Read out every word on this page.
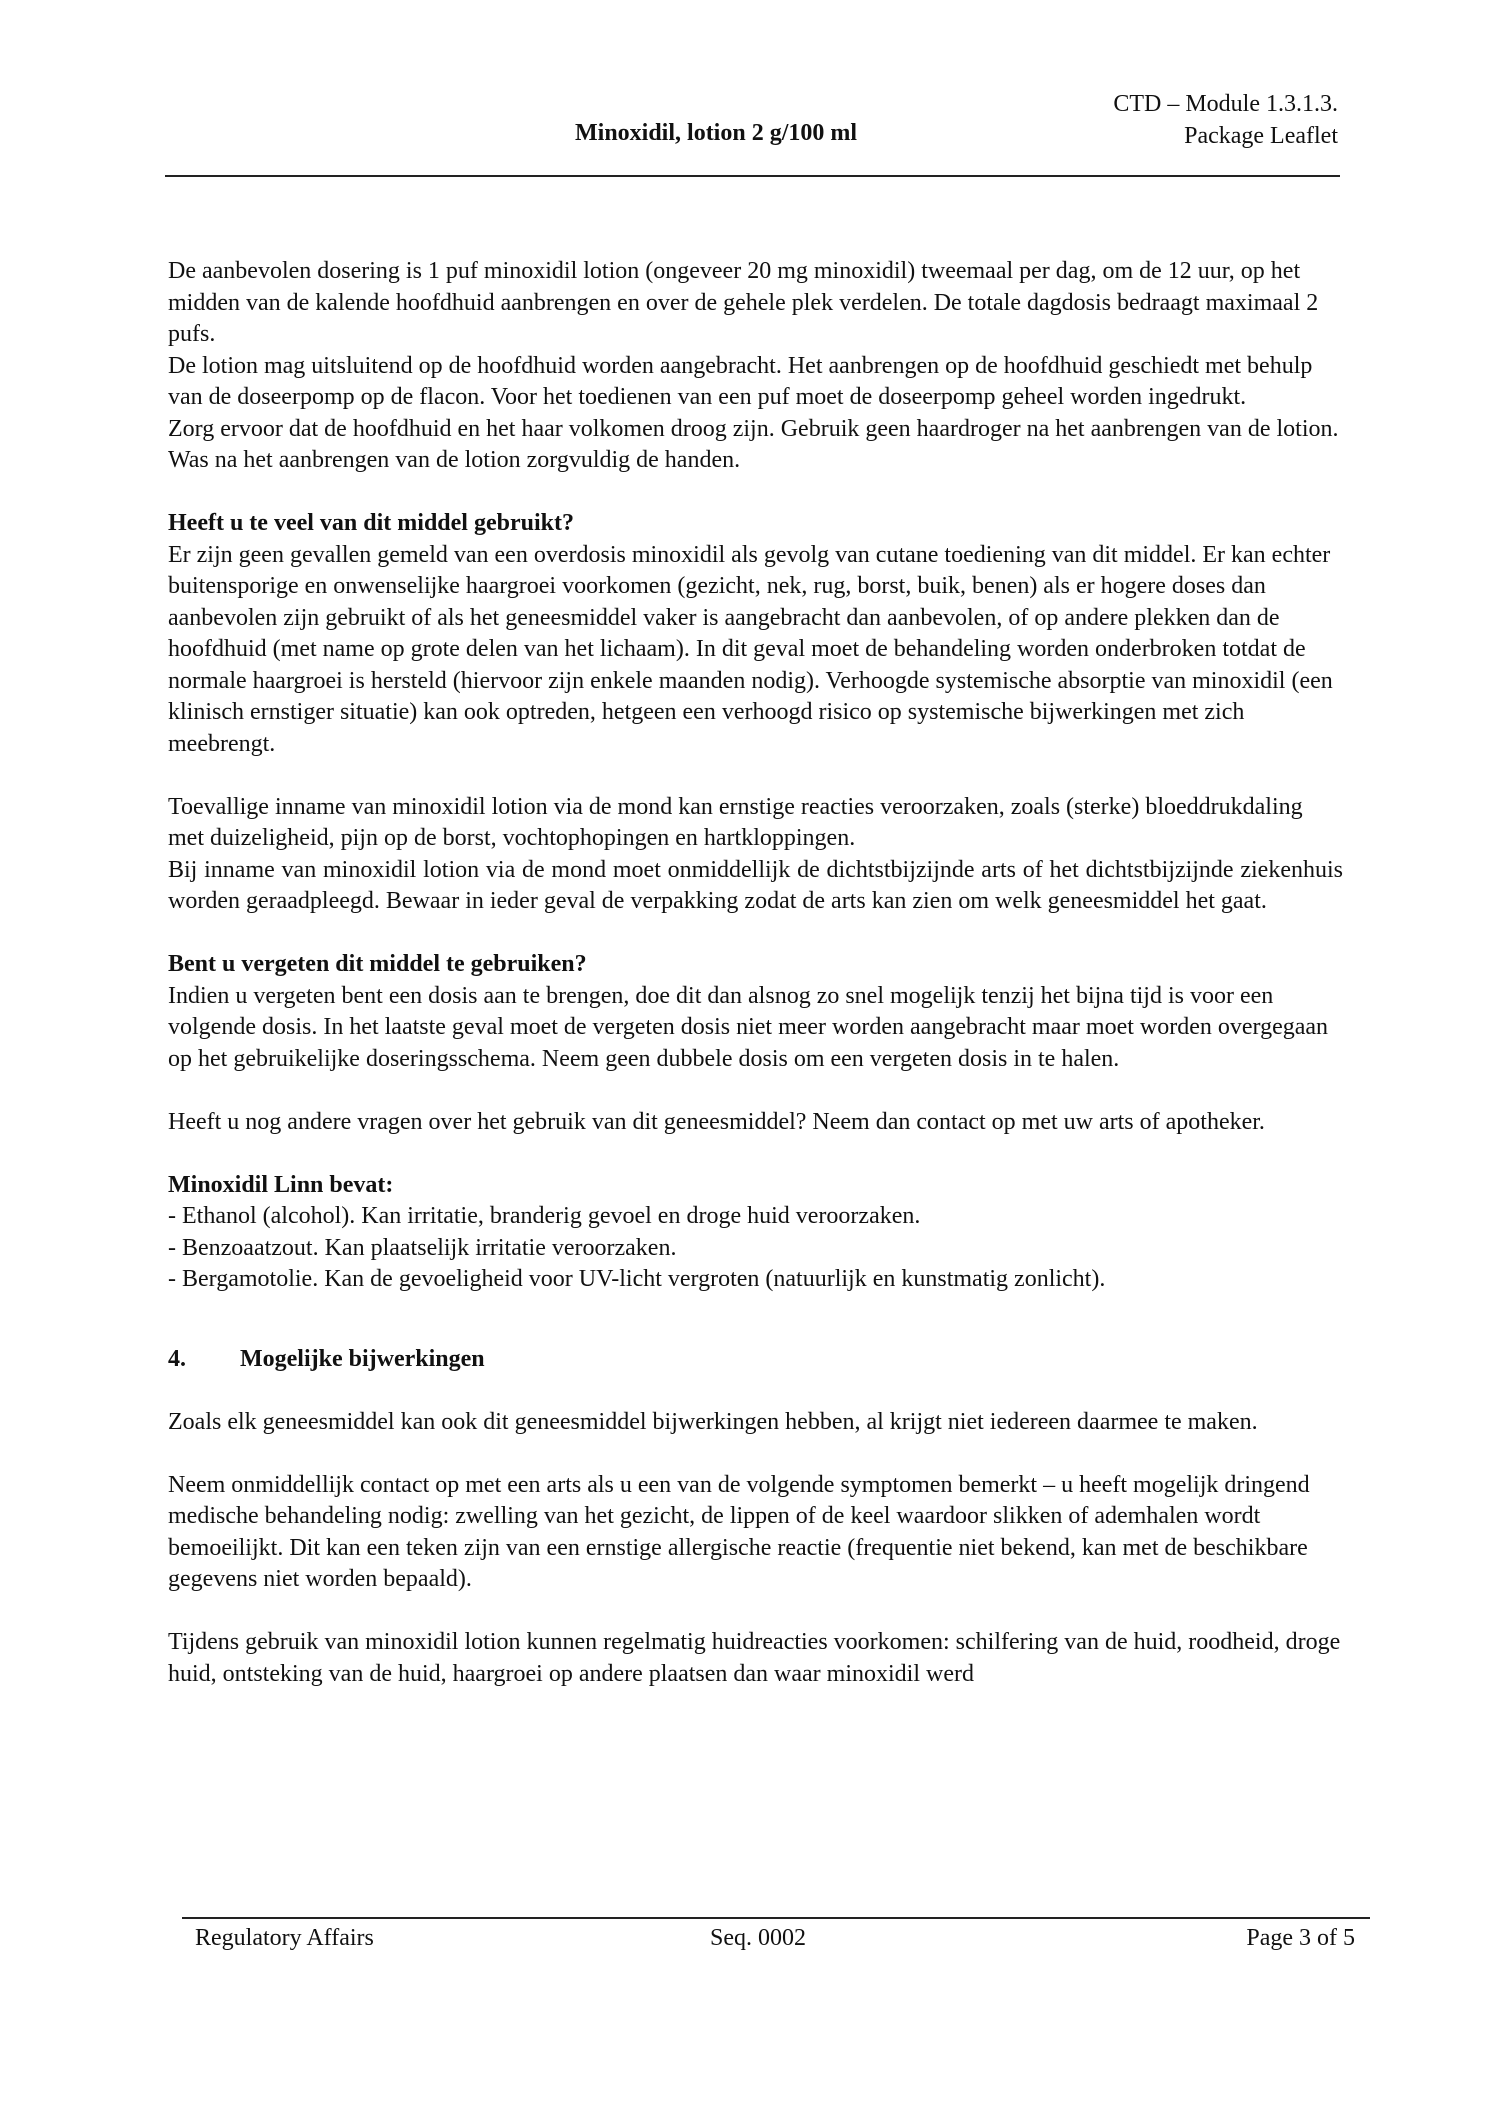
Minoxidil, lotion 2 g/100 ml
CTD – Module 1.3.1.3.
Package Leaflet

De aanbevolen dosering is 1 puf minoxidil lotion (ongeveer 20 mg minoxidil) tweemaal per dag, om de 12 uur, op het midden van de kalende hoofdhuid aanbrengen en over de gehele plek verdelen. De totale dagdosis bedraagt maximaal 2 pufs.

De lotion mag uitsluitend op de hoofdhuid worden aangebracht. Het aanbrengen op de hoofdhuid geschiedt met behulp van de doseerpomp op de flacon. Voor het toedienen van een puf moet de doseerpomp geheel worden ingedrukt.

Zorg ervoor dat de hoofdhuid en het haar volkomen droog zijn. Gebruik geen haardroger na het aanbrengen van de lotion. Was na het aanbrengen van de lotion zorgvuldig de handen.

Heeft u te veel van dit middel gebruikt?

Er zijn geen gevallen gemeld van een overdosis minoxidil als gevolg van cutane toediening van dit middel. Er kan echter buitensporige en onwenselijke haargroei voorkomen (gezicht, nek, rug, borst, buik, benen) als er hogere doses dan aanbevolen zijn gebruikt of als het geneesmiddel vaker is aangebracht dan aanbevolen, of op andere plekken dan de hoofdhuid (met name op grote delen van het lichaam). In dit geval moet de behandeling worden onderbroken totdat de normale haargroei is hersteld (hiervoor zijn enkele maanden nodig). Verhoogde systemische absorptie van minoxidil (een klinisch ernstiger situatie) kan ook optreden, hetgeen een verhoogd risico op systemische bijwerkingen met zich meebrengt.

Toevallige inname van minoxidil lotion via de mond kan ernstige reacties veroorzaken, zoals (sterke) bloeddrukdaling met duizeligheid, pijn op de borst, vochtophopingen en hartkloppingen.

Bij inname van minoxidil lotion via de mond moet onmiddellijk de dichtstbijzijnde arts of het dichtstbijzijnde ziekenhuis worden geraadpleegd. Bewaar in ieder geval de verpakking zodat de arts kan zien om welk geneesmiddel het gaat.

Bent u vergeten dit middel te gebruiken?

Indien u vergeten bent een dosis aan te brengen, doe dit dan alsnog zo snel mogelijk tenzij het bijna tijd is voor een volgende dosis. In het laatste geval moet de vergeten dosis niet meer worden aangebracht maar moet worden overgegaan op het gebruikelijke doseringsschema. Neem geen dubbele dosis om een vergeten dosis in te halen.

Heeft u nog andere vragen over het gebruik van dit geneesmiddel? Neem dan contact op met uw arts of apotheker.

Minoxidil Linn bevat:

- Ethanol (alcohol). Kan irritatie, branderig gevoel en droge huid veroorzaken.

- Benzoaatzout. Kan plaatselijk irritatie veroorzaken.

- Bergamotolie. Kan de gevoeligheid voor UV-licht vergroten (natuurlijk en kunstmatig zonlicht).

4.	Mogelijke bijwerkingen

Zoals elk geneesmiddel kan ook dit geneesmiddel bijwerkingen hebben, al krijgt niet iedereen daarmee te maken.

Neem onmiddellijk contact op met een arts als u een van de volgende symptomen bemerkt – u heeft mogelijk dringend medische behandeling nodig: zwelling van het gezicht, de lippen of de keel waardoor slikken of ademhalen wordt bemoeilijkt. Dit kan een teken zijn van een ernstige allergische reactie (frequentie niet bekend, kan met de beschikbare gegevens niet worden bepaald).

Tijdens gebruik van minoxidil lotion kunnen regelmatig huidreacties voorkomen: schilfering van de huid, roodheid, droge huid, ontsteking van de huid, haargroei op andere plaatsen dan waar minoxidil werd

Regulatory Affairs	Seq. 0002	Page 3 of 5
